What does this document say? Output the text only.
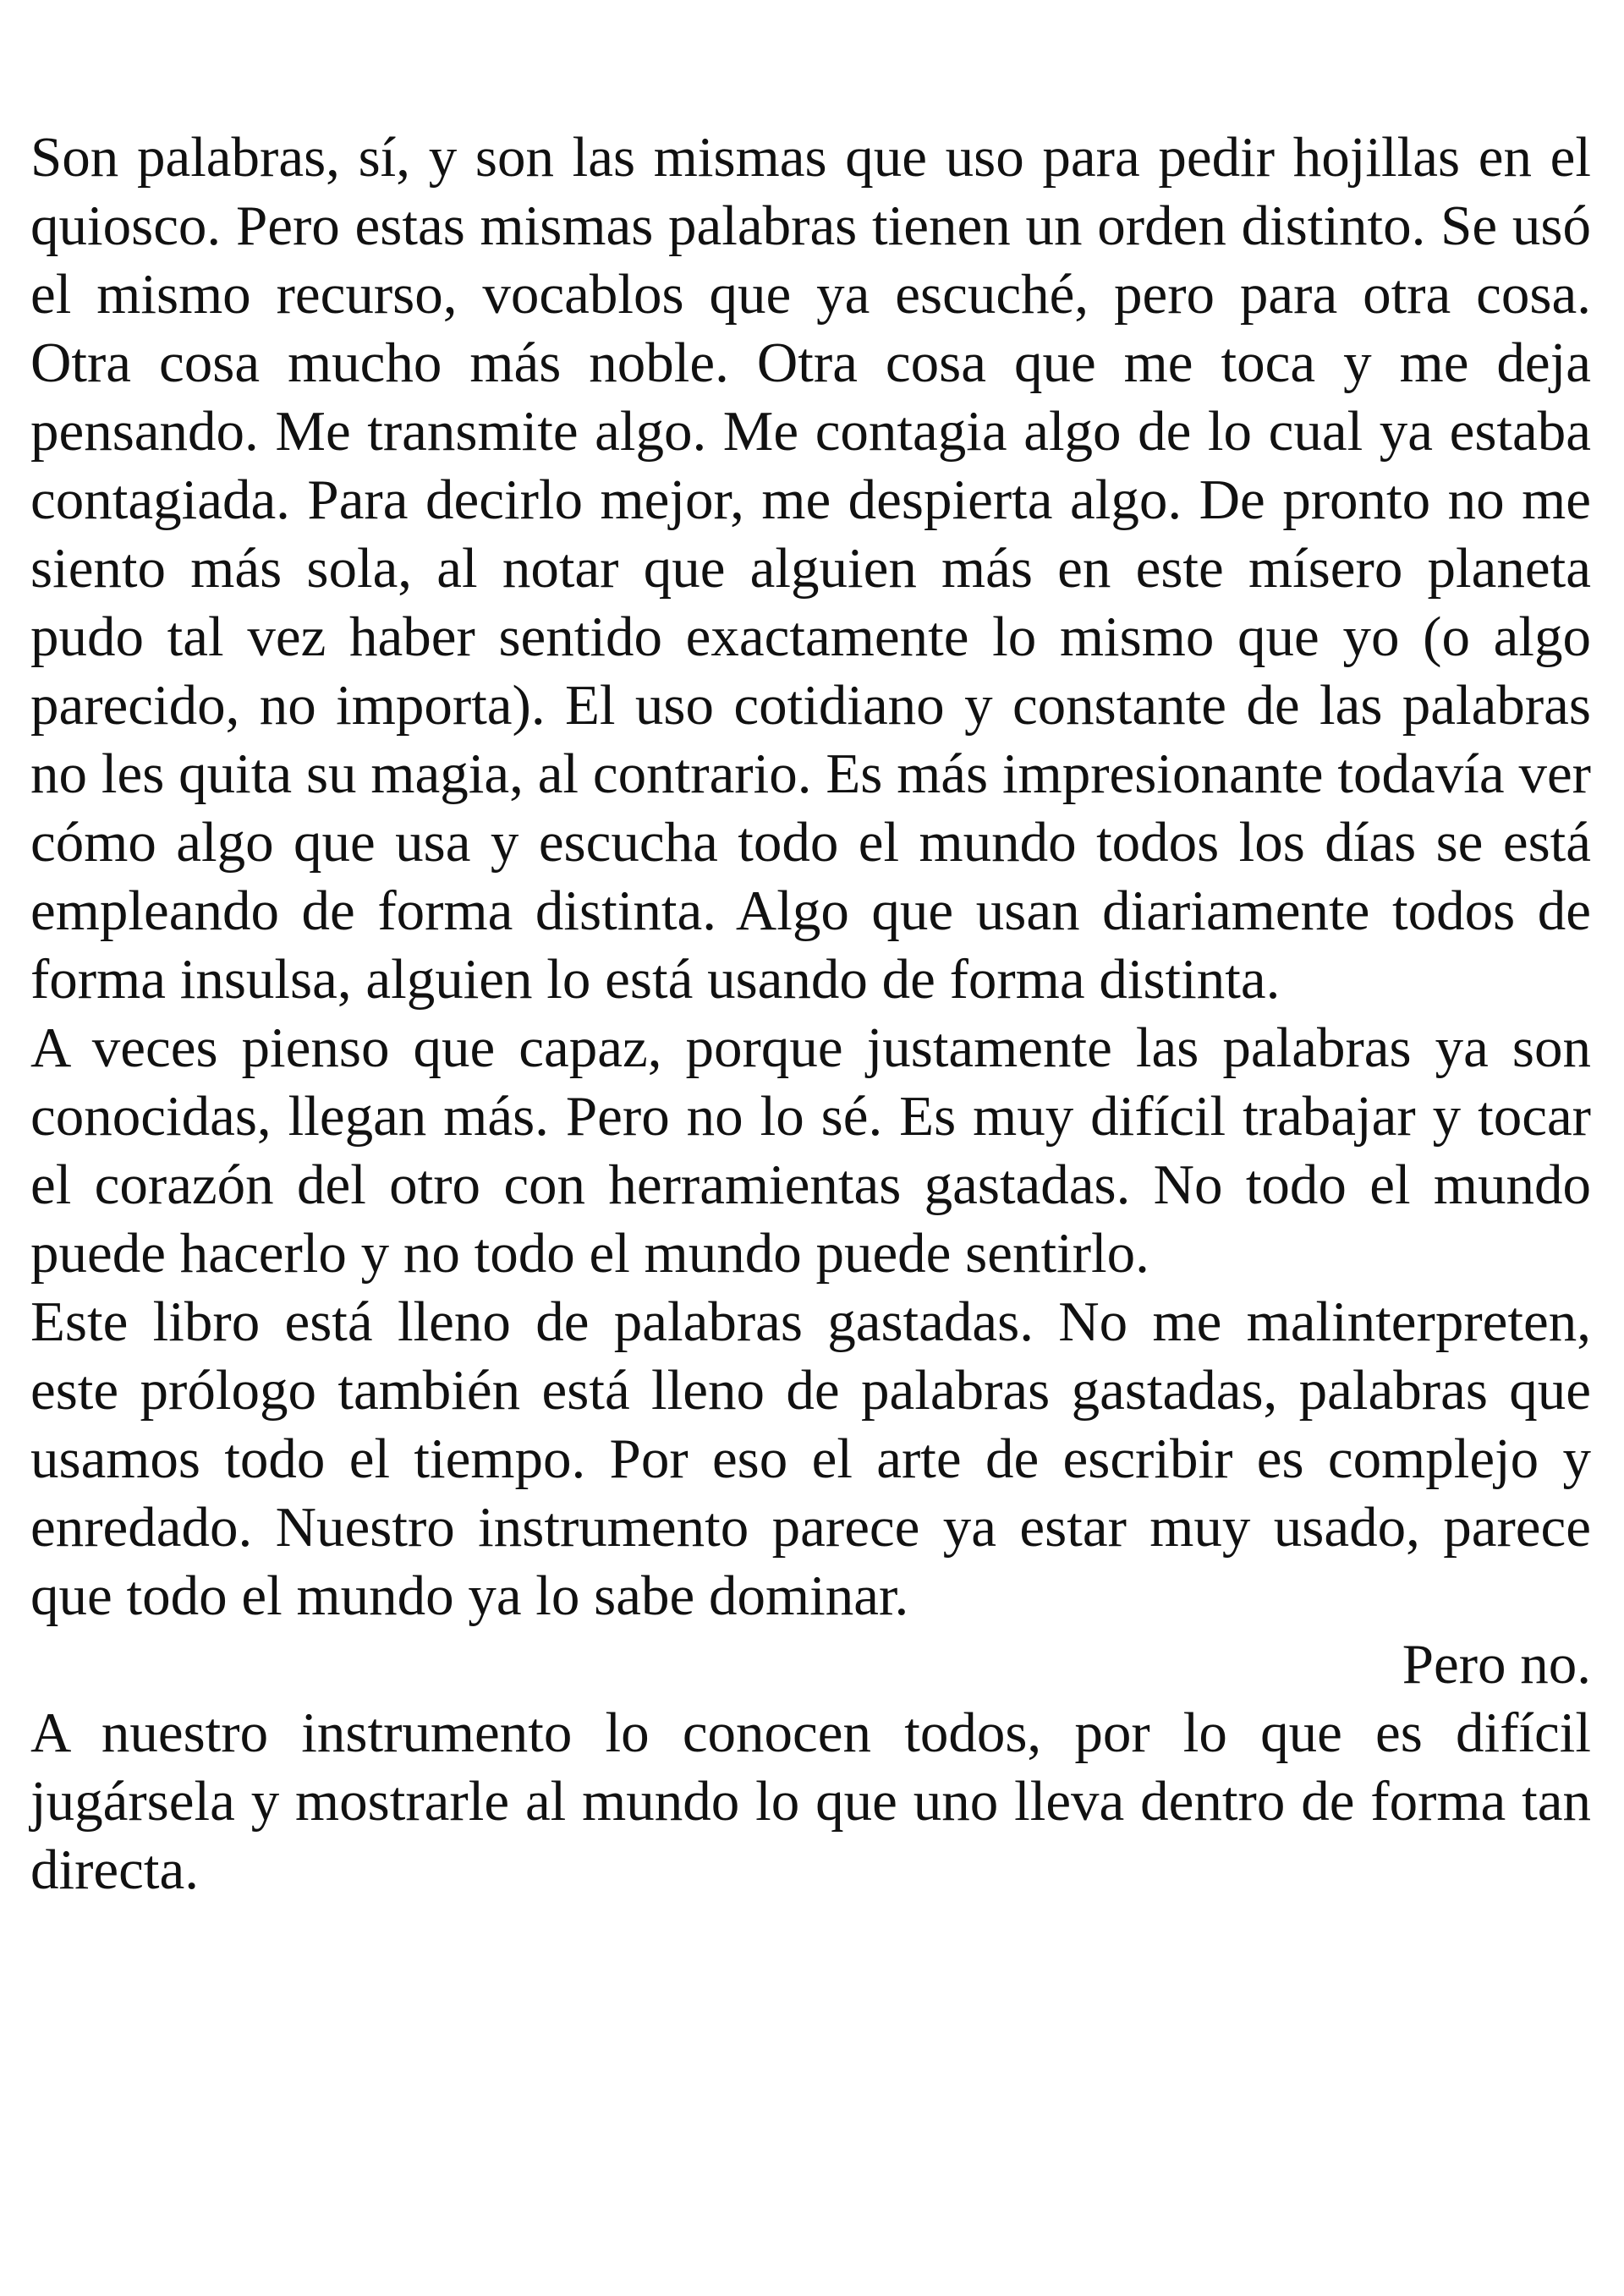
Son palabras, sí, y son las mismas que uso para pedir hojillas en el quiosco. Pero estas mismas palabras tienen un orden distinto. Se usó el mismo recurso, vocablos que ya escuché, pero para otra cosa. Otra cosa mucho más noble. Otra cosa que me toca y me deja pensando. Me transmite algo. Me contagia algo de lo cual ya estaba contagiada. Para decirlo mejor, me despierta algo. De pronto no me siento más sola, al notar que alguien más en este mísero planeta pudo tal vez haber sentido exactamente lo mismo que yo (o algo parecido, no importa). El uso cotidiano y constante de las palabras no les quita su magia, al contrario. Es más impresionante todavía ver cómo algo que usa y escucha todo el mundo todos los días se está empleando de forma distinta. Algo que usan diariamente todos de forma insulsa, alguien lo está usando de forma distinta.

A veces pienso que capaz, porque justamente las palabras ya son conocidas, llegan más. Pero no lo sé. Es muy difícil trabajar y tocar el corazón del otro con herramientas gastadas. No todo el mundo puede hacerlo y no todo el mundo puede sentirlo.

Este libro está lleno de palabras gastadas. No me malinterpreten, este prólogo también está lleno de palabras gastadas, palabras que usamos todo el tiempo. Por eso el arte de escribir es complejo y enredado. Nuestro instrumento parece ya estar muy usado, parece que todo el mundo ya lo sabe dominar.

Pero no.

A nuestro instrumento lo conocen todos, por lo que es difícil jugársela y mostrarle al mundo lo que uno lleva dentro de forma tan directa.
